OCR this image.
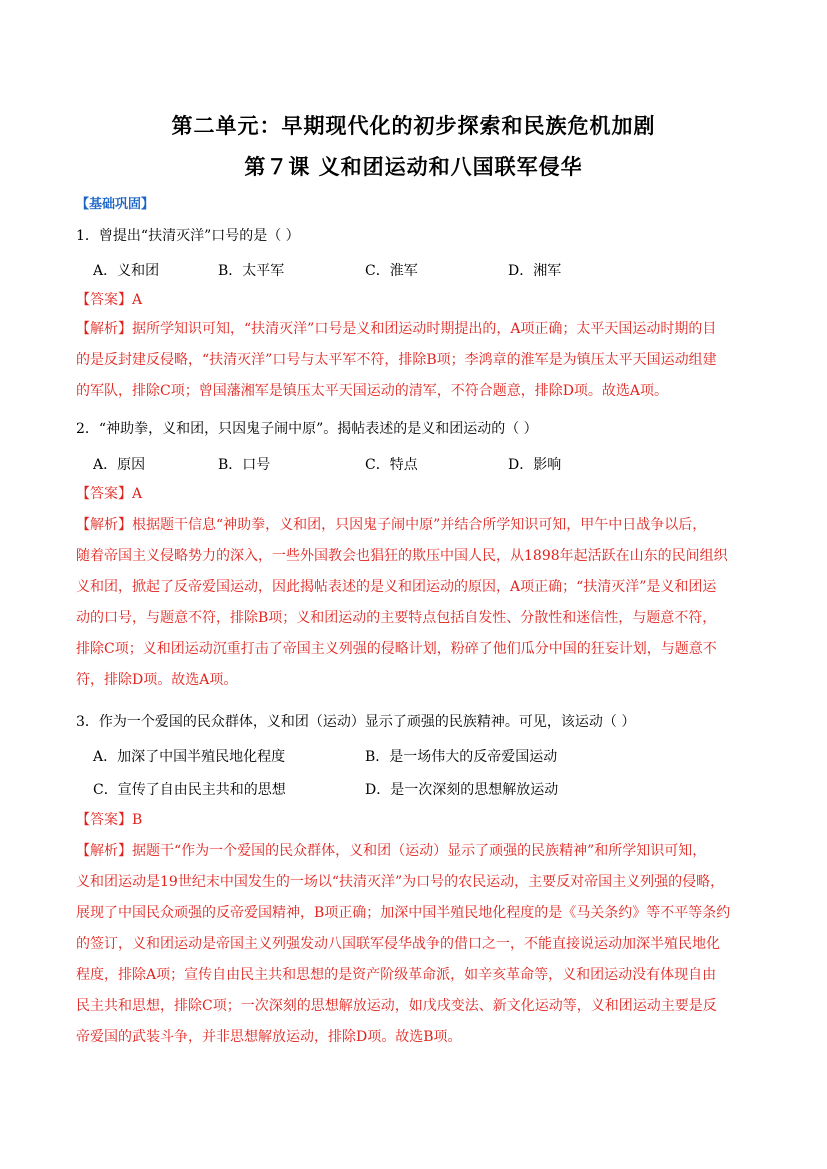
第二单元：早期现代化的初步探索和民族危机加剧
第７课 义和团运动和八国联军侵华
【基础巩固】
1．曾提出“扶清灭洋”口号的是（ ）
A．义和团	B．太平军	C．淮军	D．湘军
【答案】A
【解析】据所学知识可知，“扶清灭洋”口号是义和团运动时期提出的，A项正确；太平天国运动时期的目
的是反封建反侵略，“扶清灭洋”口号与太平军不符，排除B项；李鸿章的淮军是为镇压太平天国运动组建
的军队，排除C项；曾国藩湘军是镇压太平天国运动的清军，不符合题意，排除D项。故选A项。
2．“神助拳，义和团，只因鬼子闹中原”。揭帖表述的是义和团运动的（ ）
A．原因	B．口号	C．特点	D．影响
【答案】A
【解析】根据题干信息“神助拳，义和团，只因鬼子闹中原”并结合所学知识可知，甲午中日战争以后，
随着帝国主义侵略势力的深入，一些外国教会也猖狂的欺压中国人民，从1898年起活跃在山东的民间组织
义和团，掀起了反帝爱国运动，因此揭帖表述的是义和团运动的原因，A项正确；“扶清灭洋”是义和团运
动的口号，与题意不符，排除B项；义和团运动的主要特点包括自发性、分散性和迷信性，与题意不符，
排除C项；义和团运动沉重打击了帝国主义列强的侵略计划，粉碎了他们瓜分中国的狂妄计划，与题意不
符，排除D项。故选A项。
3．作为一个爱国的民众群体，义和团（运动）显示了顽强的民族精神。可见，该运动（ ）
A．加深了中国半殖民地化程度	B．是一场伟大的反帝爱国运动
C．宣传了自由民主共和的思想	D．是一次深刻的思想解放运动
【答案】B
【解析】据题干“作为一个爱国的民众群体，义和团（运动）显示了顽强的民族精神”和所学知识可知，
义和团运动是19世纪末中国发生的一场以“扶清灭洋”为口号的农民运动，主要反对帝国主义列强的侵略，
展现了中国民众顽强的反帝爱国精神，B项正确；加深中国半殖民地化程度的是《马关条约》等不平等条约
的签订，义和团运动是帝国主义列强发动八国联军侵华战争的借口之一，不能直接说运动加深半殖民地化
程度，排除A项；宣传自由民主共和思想的是资产阶级革命派，如辛亥革命等，义和团运动没有体现自由
民主共和思想，排除C项；一次深刻的思想解放运动，如戊戌变法、新文化运动等，义和团运动主要是反
帝爱国的武装斗争，并非思想解放运动，排除D项。故选B项。
